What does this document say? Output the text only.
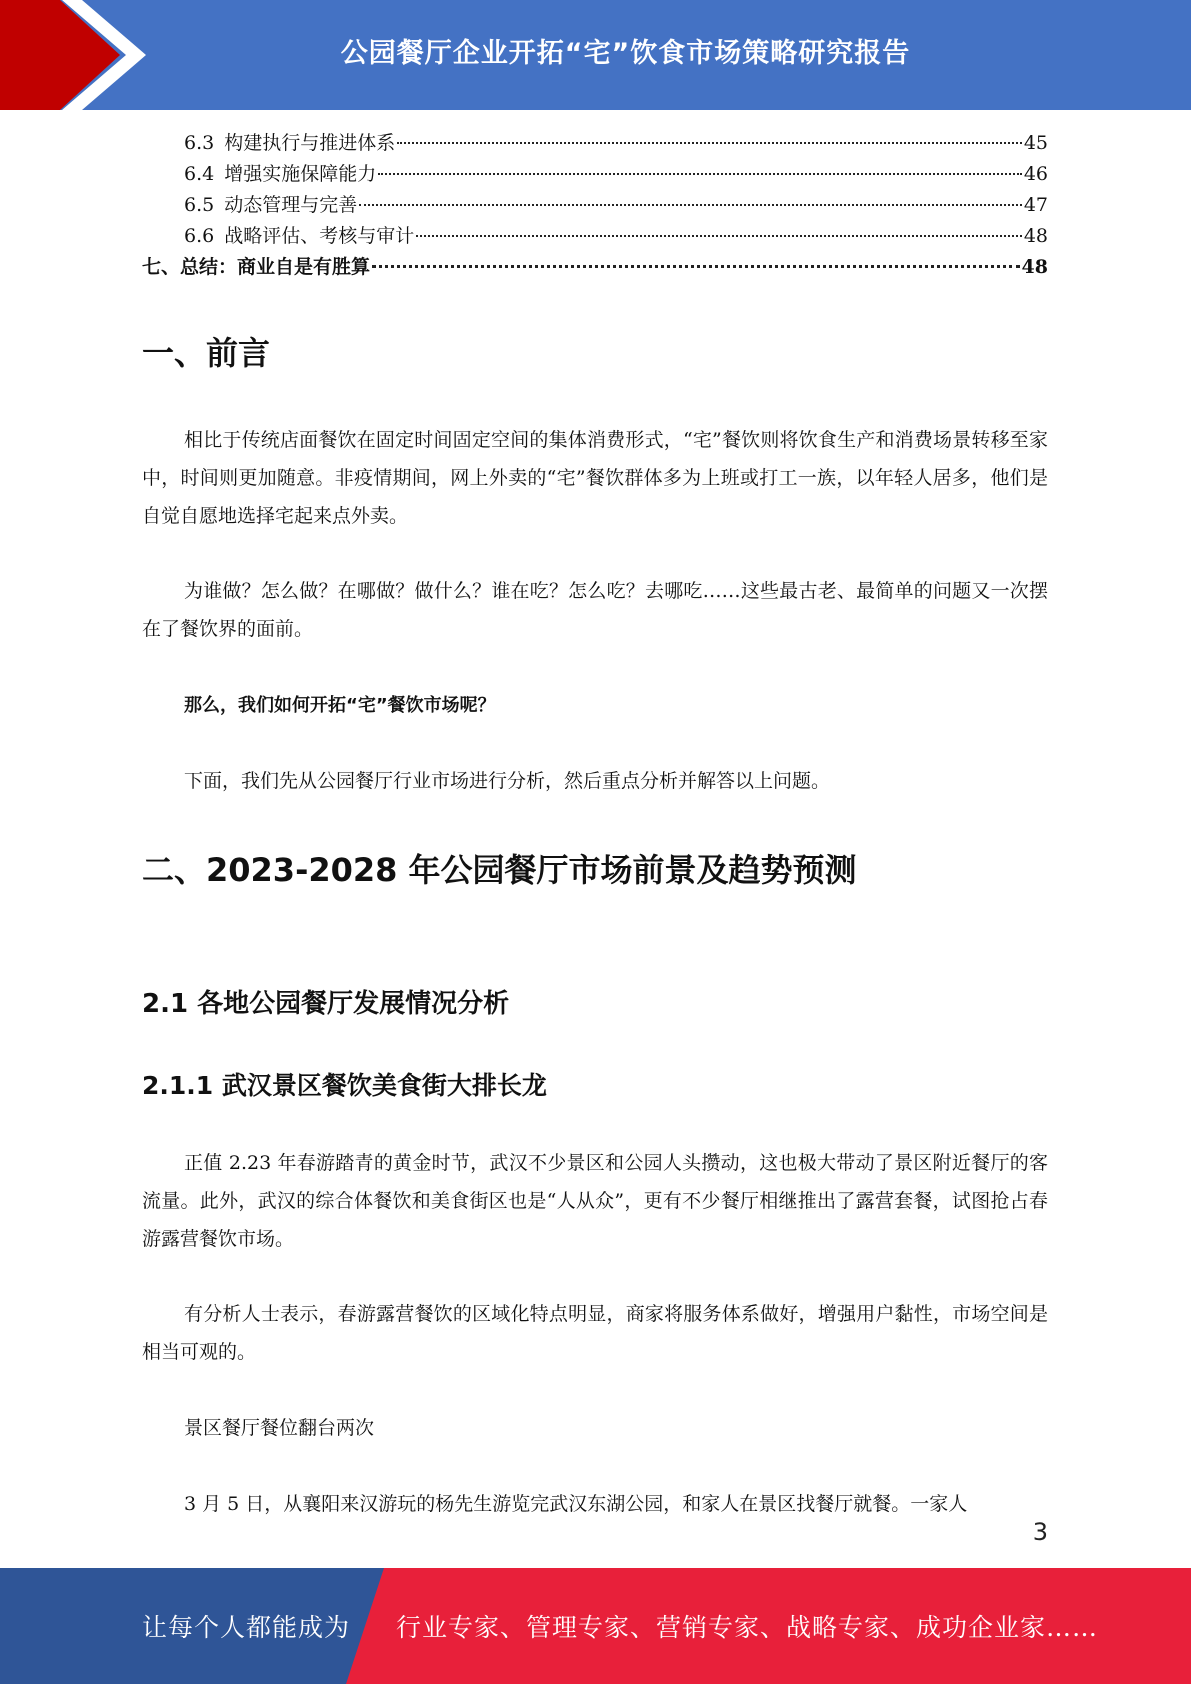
公园餐厅企业开拓“宅”饮食市场策略研究报告
6.3 构建执行与推进体系	45
6.4 增强实施保障能力	46
6.5 动态管理与完善	47
6.6 战略评估、考核与审计	48
七、总结：商业自是有胜算	48
一、前言

相比于传统店面餐饮在固定时间固定空间的集体消费形式，“宅”餐饮则将饮食生产和消费场景转移至家中，时间则更加随意。非疫情期间，网上外卖的“宅”餐饮群体多为上班或打工一族，以年轻人居多，他们是自觉自愿地选择宅起来点外卖。

为谁做？怎么做？在哪做？做什么？谁在吃？怎么吃？去哪吃……这些最古老、最简单的问题又一次摆在了餐饮界的面前。

那么，我们如何开拓“宅”餐饮市场呢？

下面，我们先从公园餐厅行业市场进行分析，然后重点分析并解答以上问题。

二、2023-2028 年公园餐厅市场前景及趋势预测
2.1 各地公园餐厅发展情况分析
2.1.1 武汉景区餐饮美食街大排长龙

正值 2.23 年春游踏青的黄金时节，武汉不少景区和公园人头攒动，这也极大带动了景区附近餐厅的客流量。此外，武汉的综合体餐饮和美食街区也是“人从众”，更有不少餐厅相继推出了露营套餐，试图抢占春游露营餐饮市场。

有分析人士表示，春游露营餐饮的区域化特点明显，商家将服务体系做好，增强用户黏性，市场空间是相当可观的。

景区餐厅餐位翻台两次

3 月 5 日，从襄阳来汉游玩的杨先生游览完武汉东湖公园，和家人在景区找餐厅就餐。一家人

3
让每个人都能成为 行业专家、管理专家、营销专家、战略专家、成功企业家……
